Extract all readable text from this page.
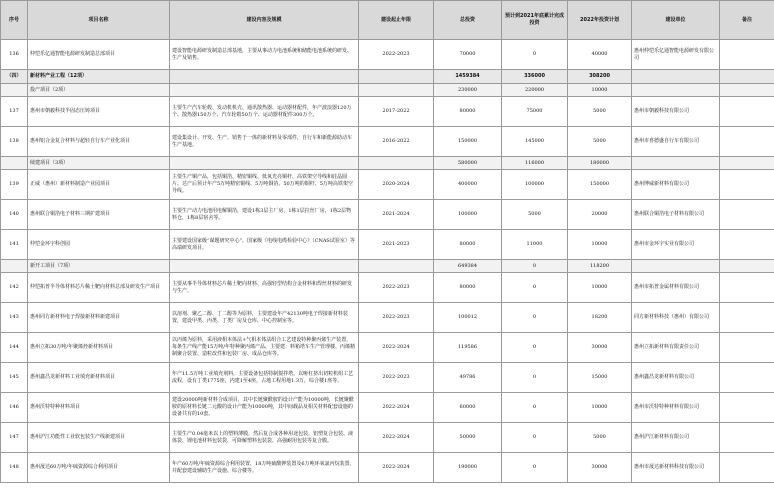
序号	项目名称	建设内容及规模	建设起止年限	总投资	预计到2021年底累计完成投资	2022年投资计划	建设单位	备注
136	仲恺乐亿通智能电源研发制造总部项目	建设智能电源研发制造总部基地，主要从事动力电池系统和储能电池系统的研发、生产及销售。	2022-2023	70000	0	40000	惠州仲恺乐亿通智能电源研发有限公司	
（四）	新材料产业工程（12项）			1459384	336000	308200		
	投产项目（2项）			230000	220000	10000		
137	惠州市朝毅科技半固态压铸项目	主要生产汽车轮毂、发动机机壳、通讯散热器、运动器材配件，年产波浪器120万个、散热器150万个、汽车轮毂50万个、运动器材配件300万个。	2017-2022	80000	75000	5000	惠州市朝毅科技有限公司	
138	惠州铝合金复合材料与超轻自行车产业化项目	建设集设计、开发、生产、销售于一体的新材料及零部件，自行车和新能源助动车生产基地。	2016-2022	150000	145000	5000	惠州市喜德盛自行车有限公司	
	续建项目（3项）			580000	116000	180000		
139	正威（惠州）新材料制造产业园项目	主要生产铜产品，包括铜箔、精密铜线、低氧光亮铜杆、高铁架空导线和硅晶圆片。达产后预计年产5万吨精密铜线、5万吨铜箔、50万吨的铜杆、5万吨高铁架空导线。	2020-2024	400000	100000	150000	惠州博威新材料有限公司	
140	惠州联合铜箔电子材料三期扩建项目	主要生产动力电池用电解铜箔，建设1栋3层主厂房，1栋1层拉丝厂房，1栋2层物料仓，1栋8层宿舍等。	2021-2024	100000	5000	20000	惠州联合铜箔电子材料有限公司	
141	仲恺金环宇科创园	主要建设国家级“谋题研究中心”、国家级《电线电缆检验中心》（CNAS试验室）等高端研发项目。	2021-2023	80000	11000	10000	惠州市金环宇实业有限公司	
	新开工项目（7项）			649384	0	118200		
142	仲恺拓普半导体材料芯片稀土靶向材料总部及研发生产项目	主要从事半导体材料芯片稀土靶向材料、高强轻型结构合金材料和焊丝材料的研发与生产。	2022-2023	80000	0	10000	惠州市拓普金属材料有限公司	
143	惠州同方新材料电子焊接新材料新建项目	以溶剂、聚乙二醇、丁二醇等为原料，主要建设年产42130吨电子焊接新材料装置，建设甲类、丙类、丁类厂房及仓库、中心控制室等。	2022-2023	100012	0	18200	同方新材料科技（惠州）有限公司	
144	惠州立拓30万吨/年聚烯烃新材料项目	以丙烯为原料，采用液相本体法+气相本体法组合工艺建设特种聚丙烯生产装置，每条生产线产能15万吨/年特种聚丙烯产品，主要建：料箱塔车生产管理楼、丙烯精制聚合装置、造粒改性和包装厂房、成品仓库等。	2022-2024	119586	0	30000	惠州立拓新材料有限责任公司	
145	惠州鑫昌龙新材料工业填充新材料项目	年产11.5万吨工业填充剂料，主要设备包括特制搅拌塔，以哑杠挤出切粒机组工艺流程，设有丁类1775座，内建1至4座，占地工程用地1.3万，综合楼1座等。	2022-2023	49786	0	15000	惠州鑫昌龙新材料有限公司	
146	惠州沃特特种材料项目	建设20000吨新材料合成项目，其中长链聚酰胺的设计产能为10000吨，长链聚酰胺的原材料长链二元酸的设计产能为10000吨，其中间载品及相关材料配套设施的设备共有的10套。	2022-2024	60000	0	10000	惠州市沃特特种材料有限公司	
147	惠州沪江功能性工业软包装生产线新建项目	主要生产0.04毫米以上的塑料薄膜，然后复合成各种用途包装，铝塑复合包装、液体袋、锂电池材料包装袋，可降解塑料包装袋、高强耐用包装等复合膜。	2022-2024	50000	0	5000	惠州沪江新材料有限公司	
148	惠州晟达60万吨/年硫资源综合利用项目	年产60万吨/年硫资源综合利用装置，18万吨硫酸钾装置及6万吨环氧氯丙烷装置，并配套建设辅助生产设施、综合楼等。	2022-2024	190000	0	30000	惠州市晟达新材料科技有限公司	
